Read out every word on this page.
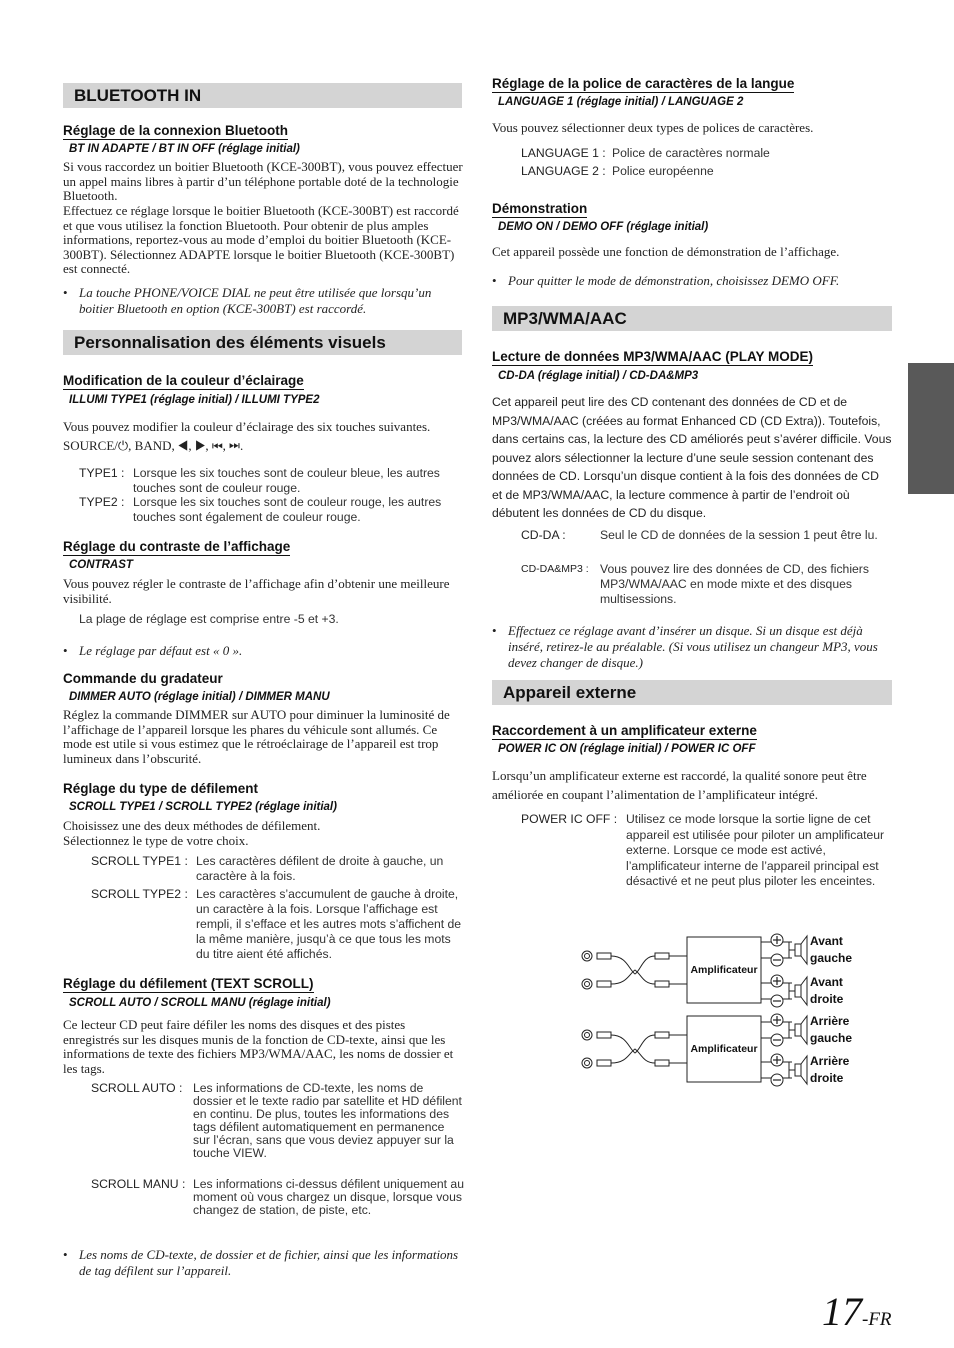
BLUETOOTH IN
Réglage de la connexion Bluetooth
BT IN ADAPTE / BT IN OFF (réglage initial)
Si vous raccordez un boitier Bluetooth (KCE-300BT), vous pouvez effectuer un appel mains libres à partir d’un téléphone portable doté de la technologie Bluetooth.
Effectuez ce réglage lorsque le boitier Bluetooth (KCE-300BT) est raccordé et que vous utilisez la fonction Bluetooth. Pour obtenir de plus amples informations, reportez-vous au mode d’emploi du boitier Bluetooth (KCE-300BT). Sélectionnez ADAPTE lorsque le boitier Bluetooth (KCE-300BT) est connecté.
• La touche PHONE/VOICE DIAL ne peut être utilisée que lorsqu’un boitier Bluetooth en option (KCE-300BT) est raccordé.
Personnalisation des éléments visuels
Modification de la couleur d’éclairage
ILLUMI TYPE1 (réglage initial) / ILLUMI TYPE2
Vous pouvez modifier la couleur d’éclairage des six touches suivantes.
SOURCE/⏻, BAND, ◀, ▶, ⏮, ⏭.
TYPE1 : Lorsque les six touches sont de couleur bleue, les autres touches sont de couleur rouge.
TYPE2 : Lorsque les six touches sont de couleur rouge, les autres touches sont également de couleur rouge.
Réglage du contraste de l’affichage
CONTRAST
Vous pouvez régler le contraste de l’affichage afin d’obtenir une meilleure visibilité.
La plage de réglage est comprise entre -5 et +3.
• Le réglage par défaut est « 0 ».
Commande du gradateur
DIMMER AUTO (réglage initial) / DIMMER MANU
Réglez la commande DIMMER sur AUTO pour diminuer la luminosité de l’affichage de l’appareil lorsque les phares du véhicule sont allumés. Ce mode est utile si vous estimez que le rétroéclairage de l’appareil est trop lumineux dans l’obscurité.
Réglage du type de défilement
SCROLL TYPE1 / SCROLL TYPE2 (réglage initial)
Choisissez une des deux méthodes de défilement. Sélectionnez le type de votre choix.
SCROLL TYPE1 : Les caractères défilent de droite à gauche, un caractère à la fois.
SCROLL TYPE2 : Les caractères s’accumulent de gauche à droite, un caractère à la fois. Lorsque l’affichage est rempli, il s’efface et les autres mots s’affichent de la même manière, jusqu’à ce que tous les mots du titre aient été affichés.
Réglage du défilement (TEXT SCROLL)
SCROLL AUTO / SCROLL MANU (réglage initial)
Ce lecteur CD peut faire défiler les noms des disques et des pistes enregistrés sur les disques munis de la fonction de CD-texte, ainsi que les informations de texte des fichiers MP3/WMA/AAC, les noms de dossier et les tags.
SCROLL AUTO : Les informations de CD-texte, les noms de dossier et le texte radio par satellite et HD défilent en continu. De plus, toutes les informations des tags défilent automatiquement en permanence sur l’écran, sans que vous deviez appuyer sur la touche VIEW.
SCROLL MANU : Les informations ci-dessus défilent uniquement au moment où vous chargez un disque, lorsque vous changez de station, de piste, etc.
• Les noms de CD-texte, de dossier et de fichier, ainsi que les informations de tag défilent sur l’appareil.
Réglage de la police de caractères de la langue
LANGUAGE 1 (réglage initial) / LANGUAGE 2
Vous pouvez sélectionner deux types de polices de caractères.
LANGUAGE 1 : Police de caractères normale
LANGUAGE 2 : Police européenne
Démonstration
DEMO ON / DEMO OFF (réglage initial)
Cet appareil possède une fonction de démonstration de l’affichage.
• Pour quitter le mode de démonstration, choisissez DEMO OFF.
MP3/WMA/AAC
Lecture de données MP3/WMA/AAC (PLAY MODE)
CD-DA (réglage initial) / CD-DA&MP3
Cet appareil peut lire des CD contenant des données de CD et de MP3/WMA/AAC (créées au format Enhanced CD (CD Extra)). Toutefois, dans certains cas, la lecture des CD améliorés peut s’avérer difficile. Vous pouvez alors sélectionner la lecture d’une seule session contenant des données de CD. Lorsqu’un disque contient à la fois des données de CD et de MP3/WMA/AAC, la lecture commence à partir de l’endroit où débutent les données de CD du disque.
CD-DA :	Seul le CD de données de la session 1 peut être lu.
CD-DA&MP3 : Vous pouvez lire des données de CD, des fichiers MP3/WMA/AAC en mode mixte et des disques multisessions.
• Effectuez ce réglage avant d’insérer un disque. Si un disque est déjà inséré, retirez-le au préalable. (Si vous utilisez un changeur MP3, vous devez changer de disque.)
Appareil externe
Raccordement à un amplificateur externe
POWER IC ON (réglage initial) / POWER IC OFF
Lorsqu’un amplificateur externe est raccordé, la qualité sonore peut être améliorée en coupant l’alimentation de l’amplificateur intégré.
POWER IC OFF : Utilisez ce mode lorsque la sortie ligne de cet appareil est utilisée pour piloter un amplificateur externe. Lorsque ce mode est activé, l’amplificateur interne de l’appareil principal est désactivé et ne peut plus piloter les enceintes.
Amplificateur
Amplificateur
Avant gauche
Avant droite
Arrière gauche
Arrière droite
17-FR
